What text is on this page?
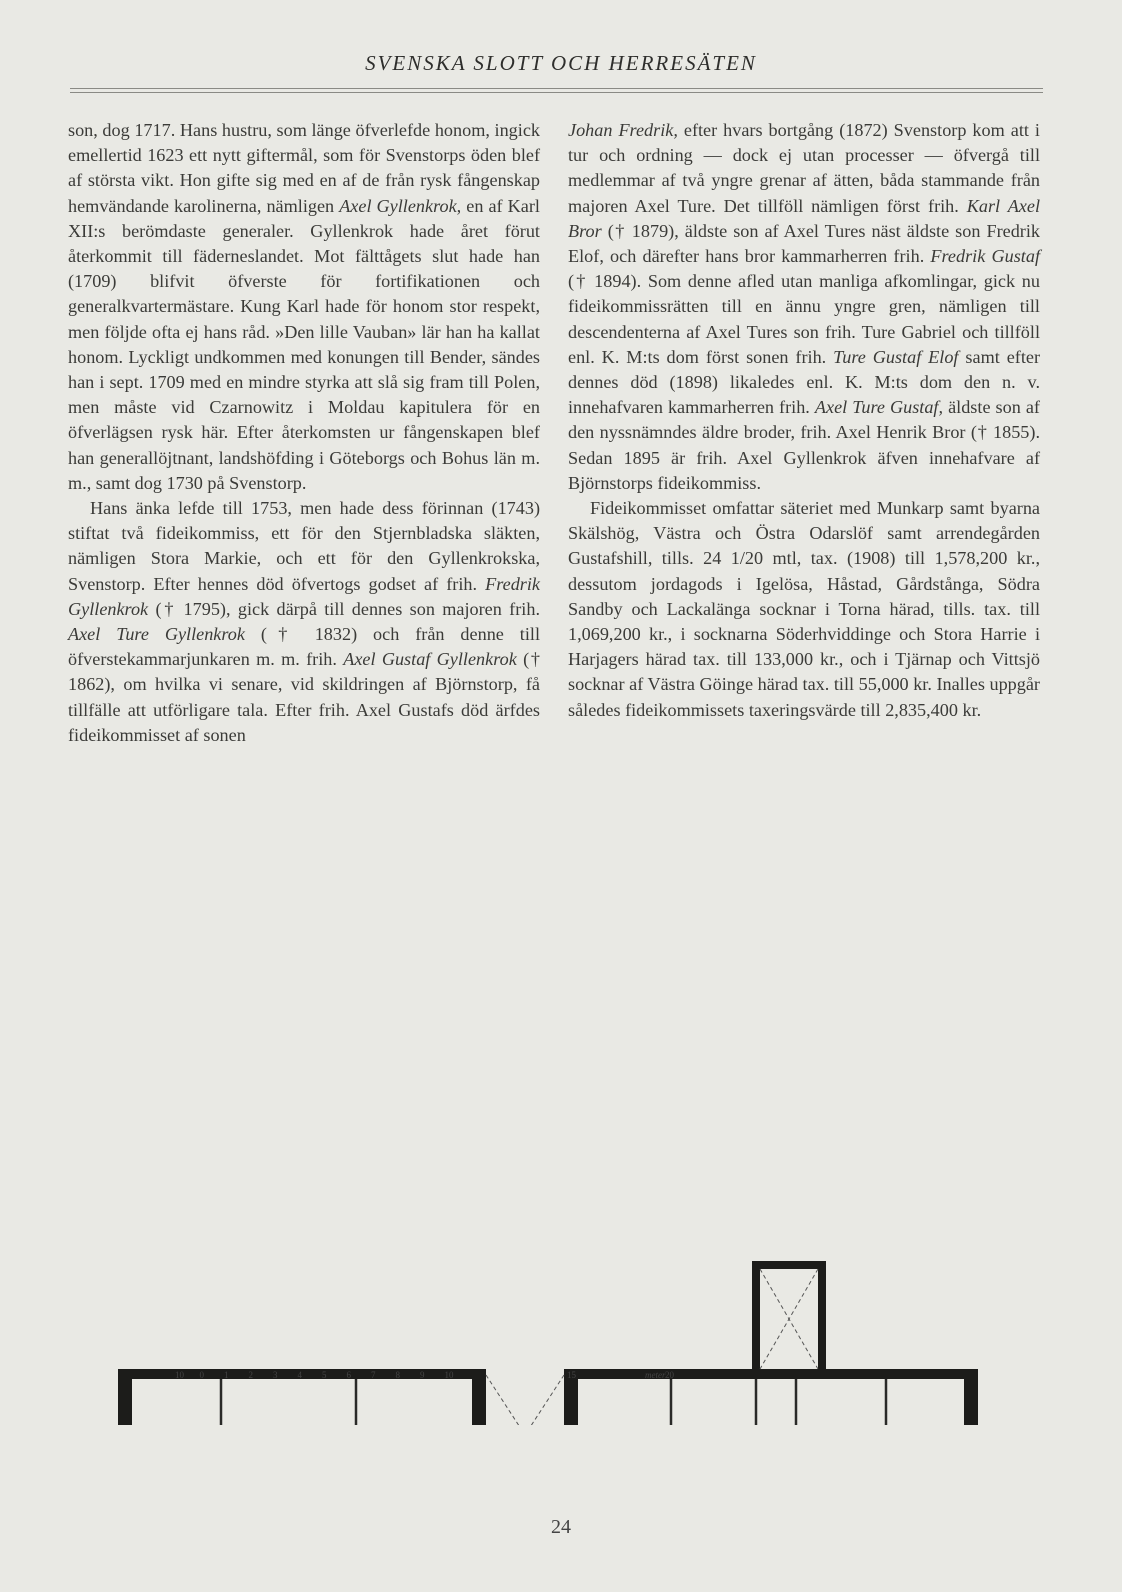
SVENSKA SLOTT OCH HERRESÄTEN

son, dog 1717. Hans hustru, som länge öfverlefde honom, ingick emellertid 1623 ett nytt giftermål, som för Svenstorps öden blef af största vikt. Hon gifte sig med en af de från rysk fångenskap hemvändande karolinerna, nämligen Axel Gyllenkrok, en af Karl XII:s berömdaste generaler. Gyllenkrok hade året förut återkommit till fäderneslandet. Mot fälttågets slut hade han (1709) blifvit öfverste för fortifikationen och generalkvartermästare. Kung Karl hade för honom stor respekt, men följde ofta ej hans råd. »Den lille Vauban» lär han ha kallat honom. Lyckligt undkommen med konungen till Bender, sändes han i sept. 1709 med en mindre styrka att slå sig fram till Polen, men måste vid Czarnowitz i Moldau kapitulera för en öfverlägsen rysk här. Efter återkomsten ur fångenskapen blef han generallöjtnant, landshöfding i Göteborgs och Bohus län m. m., samt dog 1730 på Svenstorp.

Hans änka lefde till 1753, men hade dess förinnan (1743) stiftat två fideikommiss, ett för den Stjernbladska släkten, nämligen Stora Markie, och ett för den Gyllenkrokska, Svenstorp. Efter hennes död öfvertogs godset af frih. Fredrik Gyllenkrok († 1795), gick därpå till dennes son majoren frih. Axel Ture Gyllenkrok († 1832) och från denne till öfverstekammarjunkaren m. m. frih. Axel Gustaf Gyllenkrok († 1862), om hvilka vi senare, vid skildringen af Björnstorp, få tillfälle att utförligare tala. Efter frih. Axel Gustafs död ärfdes fideikommisset af sonen

Johan Fredrik, efter hvars bortgång (1872) Svenstorp kom att i tur och ordning — dock ej utan processer — öfvergå till medlemmar af två yngre grenar af ätten, båda stammande från majoren Axel Ture. Det tillföll nämligen först frih. Karl Axel Bror († 1879), äldste son af Axel Tures näst äldste son Fredrik Elof, och därefter hans bror kammarherren frih. Fredrik Gustaf († 1894). Som denne afled utan manliga afkomlingar, gick nu fideikommissrätten till en ännu yngre gren, nämligen till descendenterna af Axel Tures son frih. Ture Gabriel och tillföll enl. K. M:ts dom först sonen frih. Ture Gustaf Elof samt efter dennes död (1898) likaledes enl. K. M:ts dom den n. v. innehafvaren kammarherren frih. Axel Ture Gustaf, äldste son af den nyssnämndes äldre broder, frih. Axel Henrik Bror († 1855). Sedan 1895 är frih. Axel Gyllenkrok äfven innehafvare af Björnstorps fideikommiss.

Fideikommisset omfattar säteriet med Munkarp samt byarna Skälshög, Västra och Östra Odarslöf samt arrendegården Gustafshill, tills. 24 1/20 mtl, tax. (1908) till 1,578,200 kr., dessutom jordagods i Igelösa, Håstad, Gårdstånga, Södra Sandby och Lackalänga socknar i Torna härad, tills. tax. till 1,069,200 kr., i socknarna Söderhviddinge och Stora Harrie i Harjagers härad tax. till 133,000 kr., och i Tjärnap och Vittsjö socknar af Västra Göinge härad tax. till 55,000 kr. Inalles uppgår således fideikommissets taxeringsvärde till 2,835,400 kr.

10 0 1 2 3 4 5 6 7 8 9 10	15	20
meter
24
